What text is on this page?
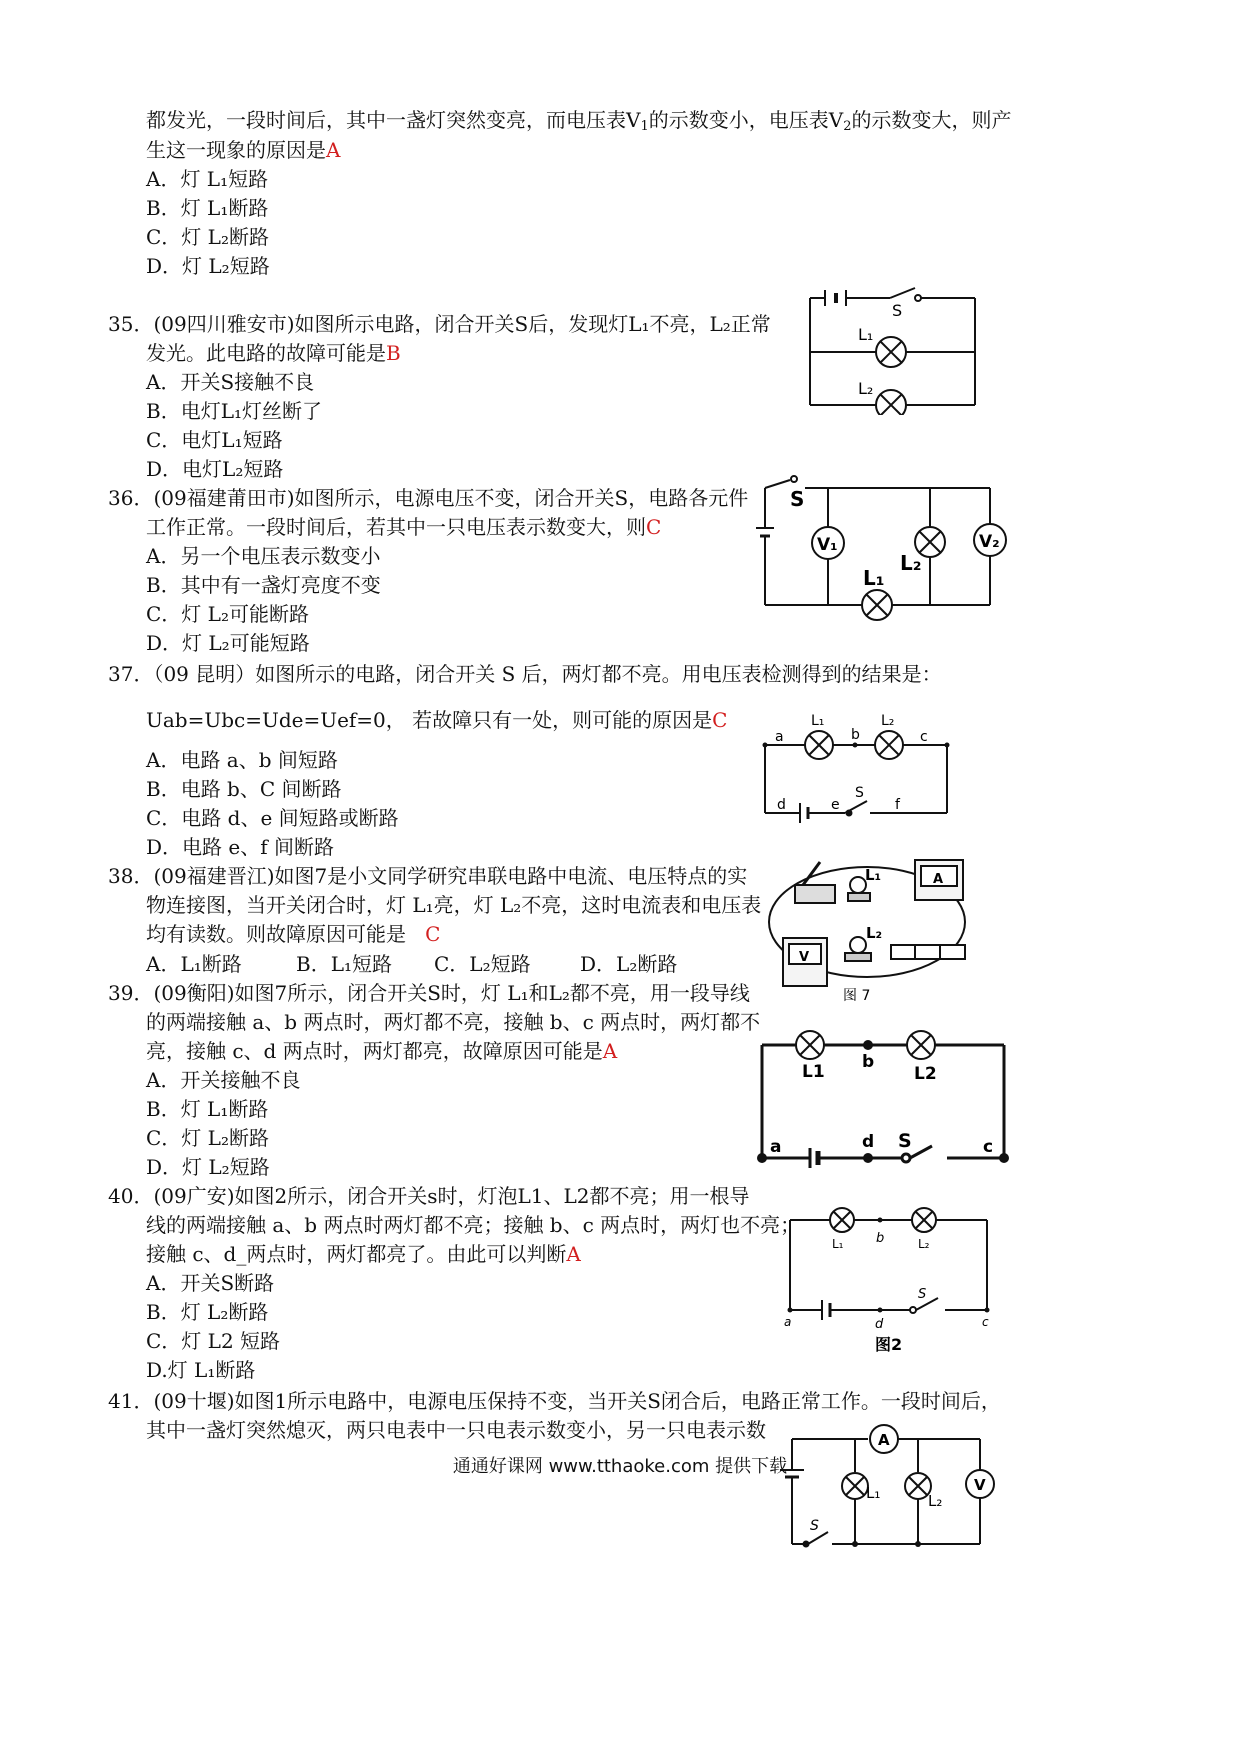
都发光，一段时间后，其中一盏灯突然变亮，而电压表$V_1$的示数变小，电压表$V_2$的示数变大，则产
生这一现象的原因是A
A．灯 L₁短路
B．灯 L₁断路
C．灯 L₂断路
D．灯 L₂短路
35．(09四川雅安市)如图所示电路，闭合开关S后，发现灯L₁不亮，L₂正常
发光。此电路的故障可能是B
A．开关S接触不良
B．电灯L₁灯丝断了
C．电灯L₁短路
D．电灯L₂短路
S
L₁
L₂
36．(09福建莆田市)如图所示，电源电压不变，闭合开关S，电路各元件
工作正常。一段时间后，若其中一只电压表示数变大，则C
A．另一个电压表示数变小
B．其中有一盏灯亮度不变
C．灯 L₂可能断路
D．灯 L₂可能短路
S
V₁	V₂
L₁
L₂
37．（09 昆明）如图所示的电路，闭合开关 S 后，两灯都不亮。用电压表检测得到的结果是：
Uab=Ubc=Ude=Uef=0， 若故障只有一处，则可能的原因是C
A．电路 a、b 间短路
B．电路 b、C 间断路
C．电路 d、e 间短路或断路
D．电路 e、f 间断路
L₁	L₂
a	b	c
d	e	f
S
38．(09福建晋江)如图7是小文同学研究串联电路中电流、电压特点的实
物连接图，当开关闭合时，灯 L₁亮，灯 L₂不亮，这时电流表和电压表
均有读数。则故障原因可能是 C
A．L₁断路	B．L₁短路 C．L₂短路 D．L₂断路
L₁
L₂
A
V
图 7
39．(09衡阳)如图7所示，闭合开关S时，灯 L₁和L₂都不亮，用一段导线
的两端接触 a、b 两点时，两灯都不亮，接触 b、c 两点时，两灯都不
亮，接触 c、d 两点时，两灯都亮，故障原因可能是A
A．开关接触不良
B．灯 L₁断路
C．灯 L₂断路
D．灯 L₂短路
L1	L2
b
a	d S	c
40．(09广安)如图2所示，闭合开关s时，灯泡L1、L2都不亮；用一根导
线的两端接触 a、b 两点时两灯都不亮；接触 b、c 两点时，两灯也不亮；
接触 c、d_两点时，两灯都亮了。由此可以判断A
A．开关S断路
B．灯 L₂断路
C．灯 L2 短路
D.灯 L₁断路
L₁	b	L₂
a	d
S
c
图2
41．(09十堰)如图1所示电路中，电源电压保持不变，当开关S闭合后，电路正常工作。一段时间后，
其中一盏灯突然熄灭，两只电表中一只电表示数变小，另一只电表示数	A
L₁	L₂
V
S
通通好课网 www.tthaoke.com 提供下载
